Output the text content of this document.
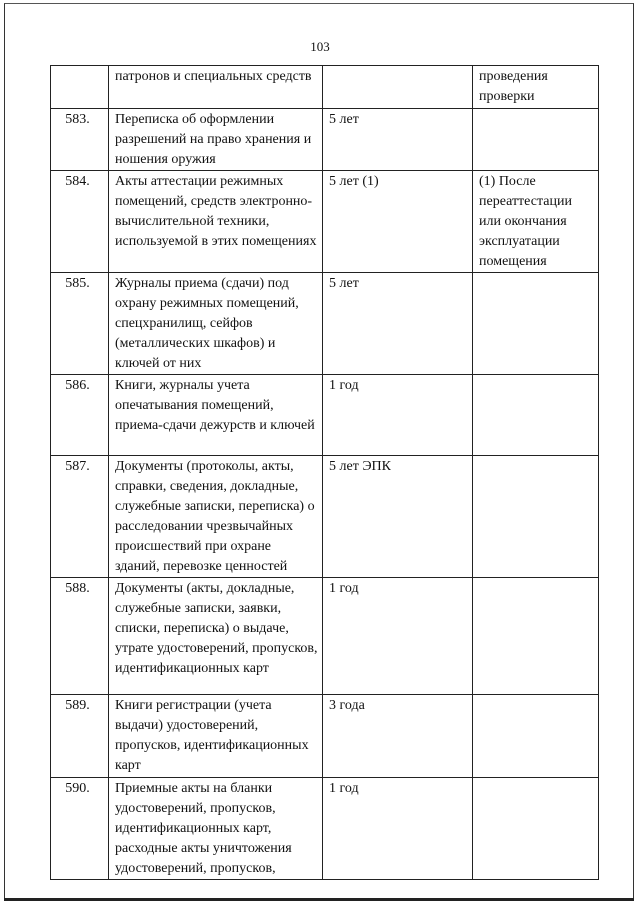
103
	патронов и специальных средств		проведения проверки
583.	Переписка об оформлении разрешений на право хранения и ношения оружия	5 лет	
584.	Акты аттестации режимных помещений, средств электронно-вычислительной техники, используемой в этих помещениях	5 лет (1)	(1) После переаттестации или окончания эксплуатации помещения
585.	Журналы приема (сдачи) под охрану режимных помещений, спецхранилищ, сейфов (металлических шкафов) и ключей от них	5 лет	
586.	Книги, журналы учета опечатывания помещений, приема-сдачи дежурств и ключей	1 год	
587.	Документы (протоколы, акты, справки, сведения, докладные, служебные записки, переписка) о расследовании чрезвычайных происшествий при охране зданий, перевозке ценностей	5 лет ЭПК	
588.	Документы (акты, докладные, служебные записки, заявки, списки, переписка) о выдаче, утрате удостоверений, пропусков, идентификационных карт	1 год	
589.	Книги регистрации (учета выдачи) удостоверений, пропусков, идентификационных карт	3 года	
590.	Приемные акты на бланки удостоверений, пропусков, идентификационных карт, расходные акты уничтожения удостоверений, пропусков,	1 год	
